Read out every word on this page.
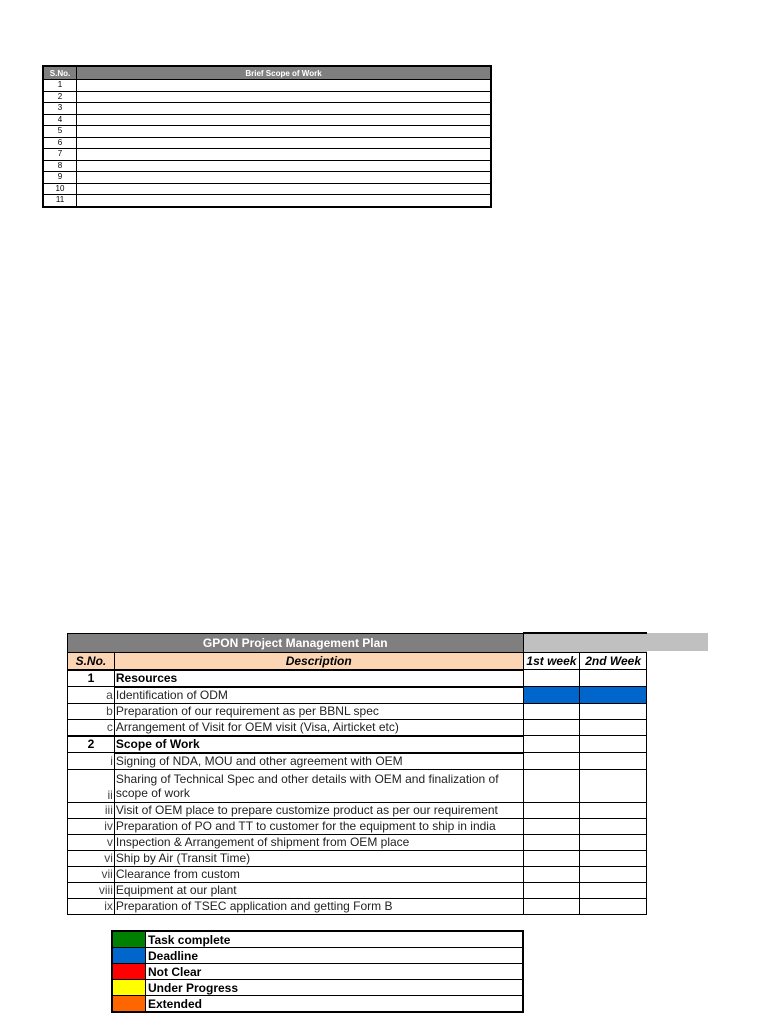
S.No.	Brief Scope of Work
1	
2	
3	
4	
5	
6	
7	
8	
9	
10	
11	
GPON Project Management Plan			
S.No.	Description	1st week	2nd Week
1	Resources		
a	Identification of ODM		
b	Preparation of our requirement as per BBNL spec		
c	Arrangement of Visit for OEM visit (Visa, Airticket etc)		
2	Scope of Work		
i	Signing of NDA, MOU and other agreement with OEM		
ii	Sharing of Technical Spec and other details with OEM and finalization of scope of work		
iii	Visit of OEM place to prepare customize product as per our requirement		
iv	Preparation of PO and TT to customer for the equipment to ship in india		
v	Inspection & Arrangement of shipment from OEM place		
vi	Ship by Air (Transit Time)		
vii	Clearance from custom		
viii	Equipment at our plant		
ix	Preparation of TSEC application and getting Form B		
	Task complete
	Deadline
	Not Clear
	Under Progress
	Extended
